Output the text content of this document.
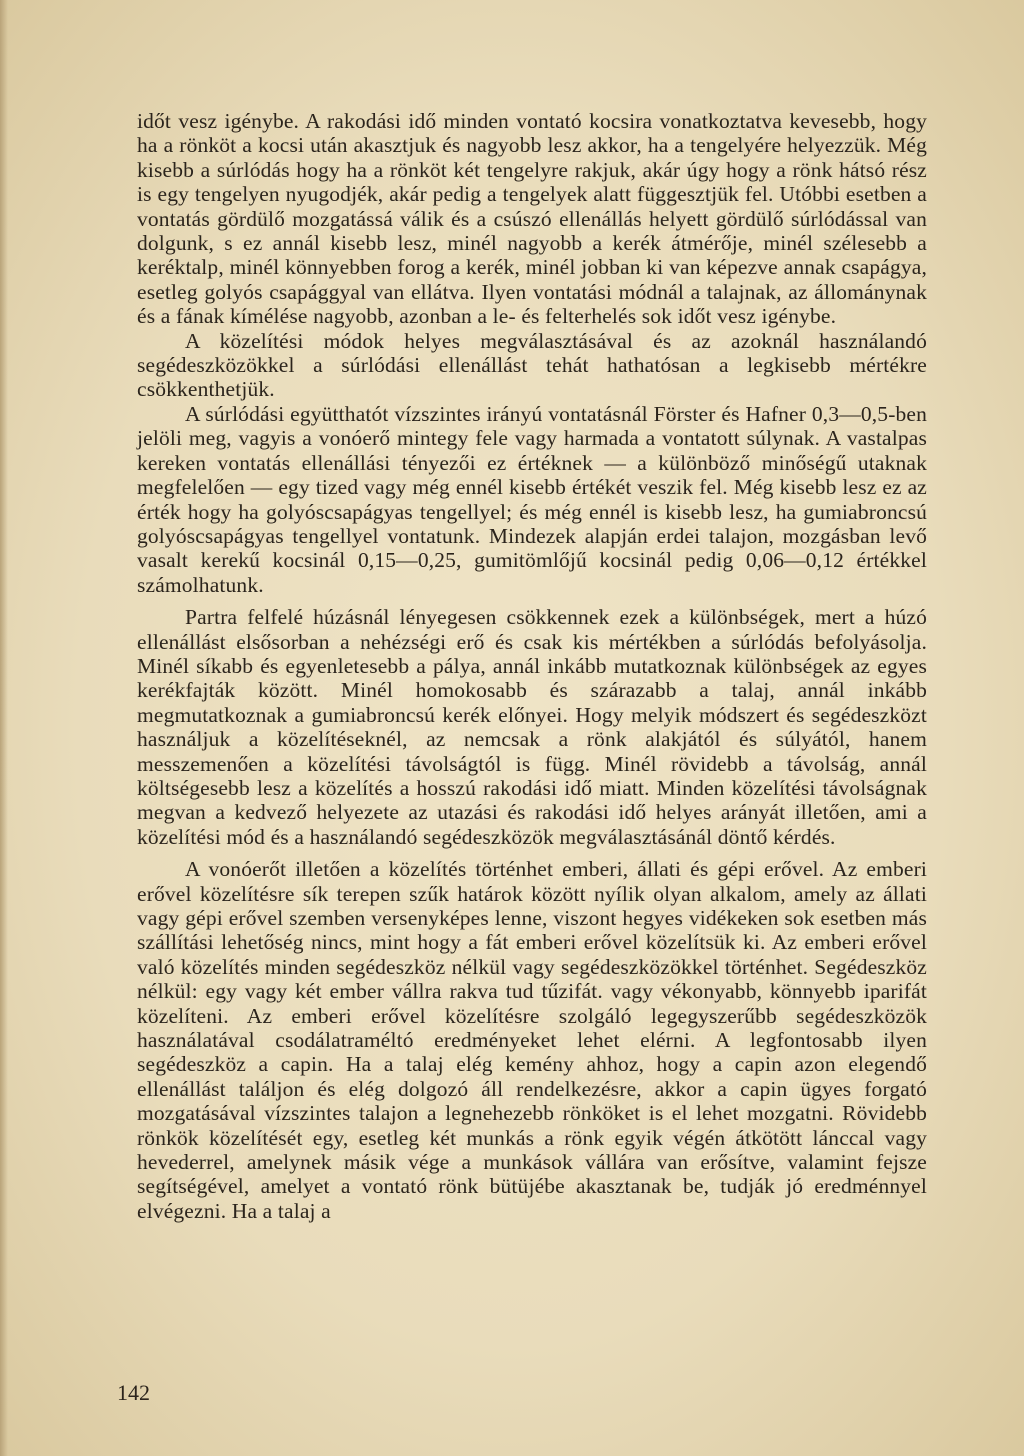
időt vesz igénybe. A rakodási idő minden vontató kocsira vonatkoztatva kevesebb, hogy ha a rönköt a kocsi után akasztjuk és nagyobb lesz akkor, ha a tengelyére helyezzük. Még kisebb a súrlódás hogy ha a rönköt két tengelyre rakjuk, akár úgy hogy a rönk hátsó rész is egy tengelyen nyugodjék, akár pedig a tengelyek alatt függesztjük fel. Utóbbi esetben a vontatás gördülő mozgatássá válik és a csúszó ellenállás helyett gördülő súrlódással van dolgunk, s ez annál kisebb lesz, minél nagyobb a kerék átmérője, minél szélesebb a keréktalp, minél könnyebben forog a kerék, minél jobban ki van képezve annak csapágya, esetleg golyós csapággyal van ellátva. Ilyen vontatási módnál a talajnak, az állománynak és a fának kímélése nagyobb, azonban a le- és felterhelés sok időt vesz igénybe.

A közelítési módok helyes megválasztásával és az azoknál használandó segédeszközökkel a súrlódási ellenállást tehát hathatósan a legkisebb mértékre csökkenthetjük.

A súrlódási együtthatót vízszintes irányú vontatásnál Förster és Hafner 0,3—0,5-ben jelöli meg, vagyis a vonóerő mintegy fele vagy harmada a vontatott súlynak. A vastalpas kereken vontatás ellenállási tényezői ez értéknek — a különböző minőségű utaknak megfelelően — egy tized vagy még ennél kisebb értékét veszik fel. Még kisebb lesz ez az érték hogy ha golyóscsapágyas tengellyel; és még ennél is kisebb lesz, ha gumiabroncsú golyóscsapágyas tengellyel vontatunk. Mindezek alapján erdei talajon, mozgásban levő vasalt kerekű kocsinál 0,15—0,25, gumitömlőjű kocsinál pedig 0,06—0,12 értékkel számolhatunk.

Partra felfelé húzásnál lényegesen csökkennek ezek a különbségek, mert a húzó ellenállást elsősorban a nehézségi erő és csak kis mértékben a súrlódás befolyásolja. Minél síkabb és egyenletesebb a pálya, annál inkább mutatkoznak különbségek az egyes kerékfajták között. Minél homokosabb és szárazabb a talaj, annál inkább megmutatkoznak a gumiabroncsú kerék előnyei. Hogy melyik módszert és segédeszközt használjuk a közelítéseknél, az nemcsak a rönk alakjától és súlyától, hanem messzemenően a közelítési távolságtól is függ. Minél rövidebb a távolság, annál költségesebb lesz a közelítés a hosszú rakodási idő miatt. Minden közelítési távolságnak megvan a kedvező helyezete az utazási és rakodási idő helyes arányát illetően, ami a közelítési mód és a használandó segédeszközök megválasztásánál döntő kérdés.

A vonóerőt illetően a közelítés történhet emberi, állati és gépi erővel. Az emberi erővel közelítésre sík terepen szűk határok között nyílik olyan alkalom, amely az állati vagy gépi erővel szemben versenyképes lenne, viszont hegyes vidékeken sok esetben más szállítási lehetőség nincs, mint hogy a fát emberi erővel közelítsük ki. Az emberi erővel való közelítés minden segédeszköz nélkül vagy segédeszközökkel történhet. Segédeszköz nélkül: egy vagy két ember vállra rakva tud tűzifát. vagy vékonyabb, könnyebb iparifát közelíteni. Az emberi erővel közelítésre szolgáló legegyszerűbb segédeszközök használatával csodálatraméltó eredményeket lehet elérni. A legfontosabb ilyen segédeszköz a capin. Ha a talaj elég kemény ahhoz, hogy a capin azon elegendő ellenállást találjon és elég dolgozó áll rendelkezésre, akkor a capin ügyes forgató mozgatásával vízszintes talajon a legnehezebb rönköket is el lehet mozgatni. Rövidebb rönkök közelítését egy, esetleg két munkás a rönk egyik végén átkötött lánccal vagy hevederrel, amelynek másik vége a munkások vállára van erősítve, valamint fejsze segítségével, amelyet a vontató rönk bütüjébe akasztanak be, tudják jó eredménnyel elvégezni. Ha a talaj a

142
